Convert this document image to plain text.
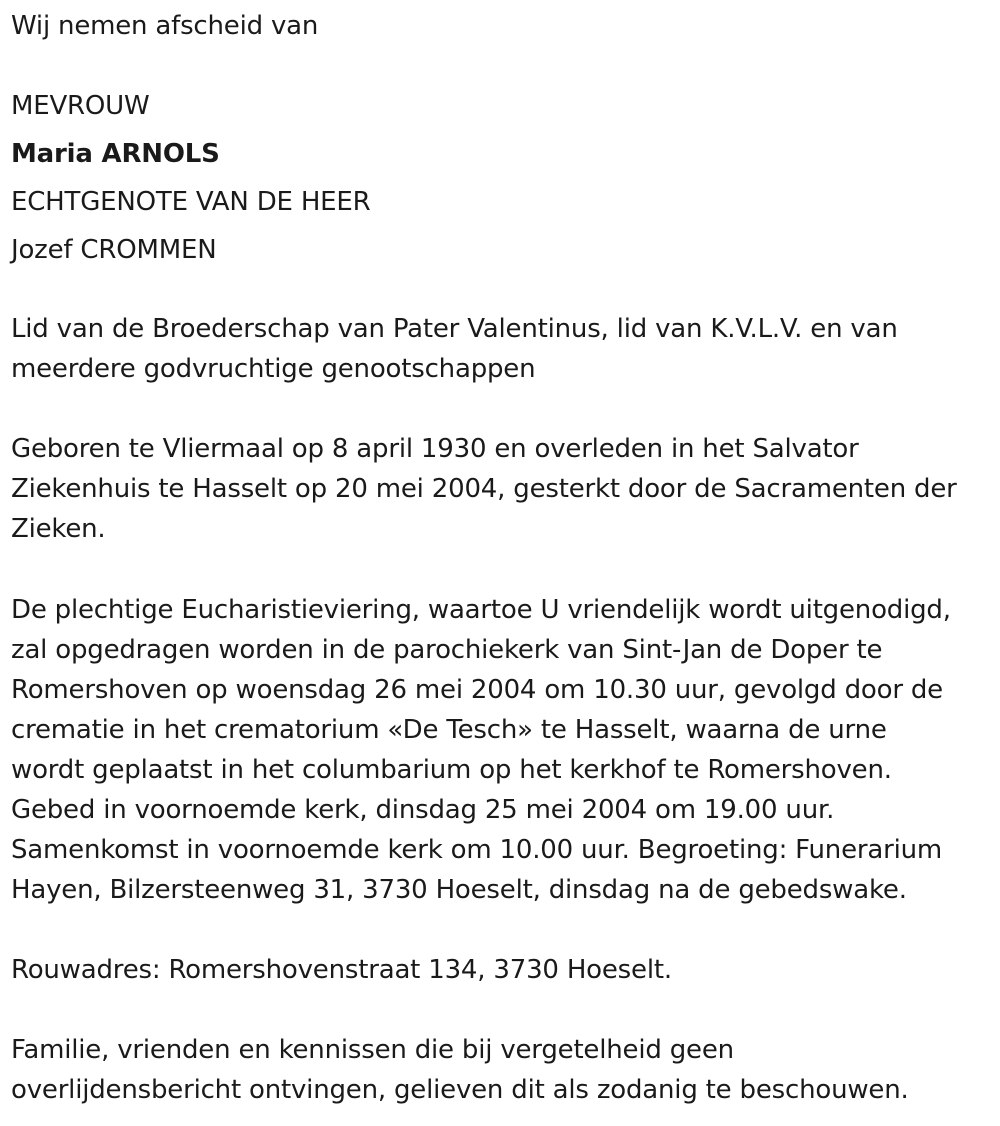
Wij nemen afscheid van
MEVROUW
Maria ARNOLS
ECHTGENOTE VAN DE HEER
Jozef CROMMEN
Lid van de Broederschap van Pater Valentinus, lid van K.V.L.V. en van meerdere godvruchtige genootschappen
Geboren te Vliermaal op 8 april 1930 en overleden in het Salvator Ziekenhuis te Hasselt op 20 mei 2004, gesterkt door de Sacramenten der Zieken.
De plechtige Eucharistieviering, waartoe U vriendelijk wordt uitgenodigd,
zal opgedragen worden in de parochiekerk van Sint-Jan de Doper te
Romershoven op woensdag 26 mei 2004 om 10.30 uur, gevolgd door de
crematie in het crematorium «De Tesch» te Hasselt, waarna de urne
wordt geplaatst in het columbarium op het kerkhof te Romershoven.
Gebed in voornoemde kerk, dinsdag 25 mei 2004 om 19.00 uur.
Samenkomst in voornoemde kerk om 10.00 uur. Begroeting: Funerarium
Hayen, Bilzersteenweg 31, 3730 Hoeselt, dinsdag na de gebedswake.
Rouwadres: Romershovenstraat 134, 3730 Hoeselt.
Familie, vrienden en kennissen die bij vergetelheid geen
overlijdensbericht ontvingen, gelieven dit als zodanig te beschouwen.
